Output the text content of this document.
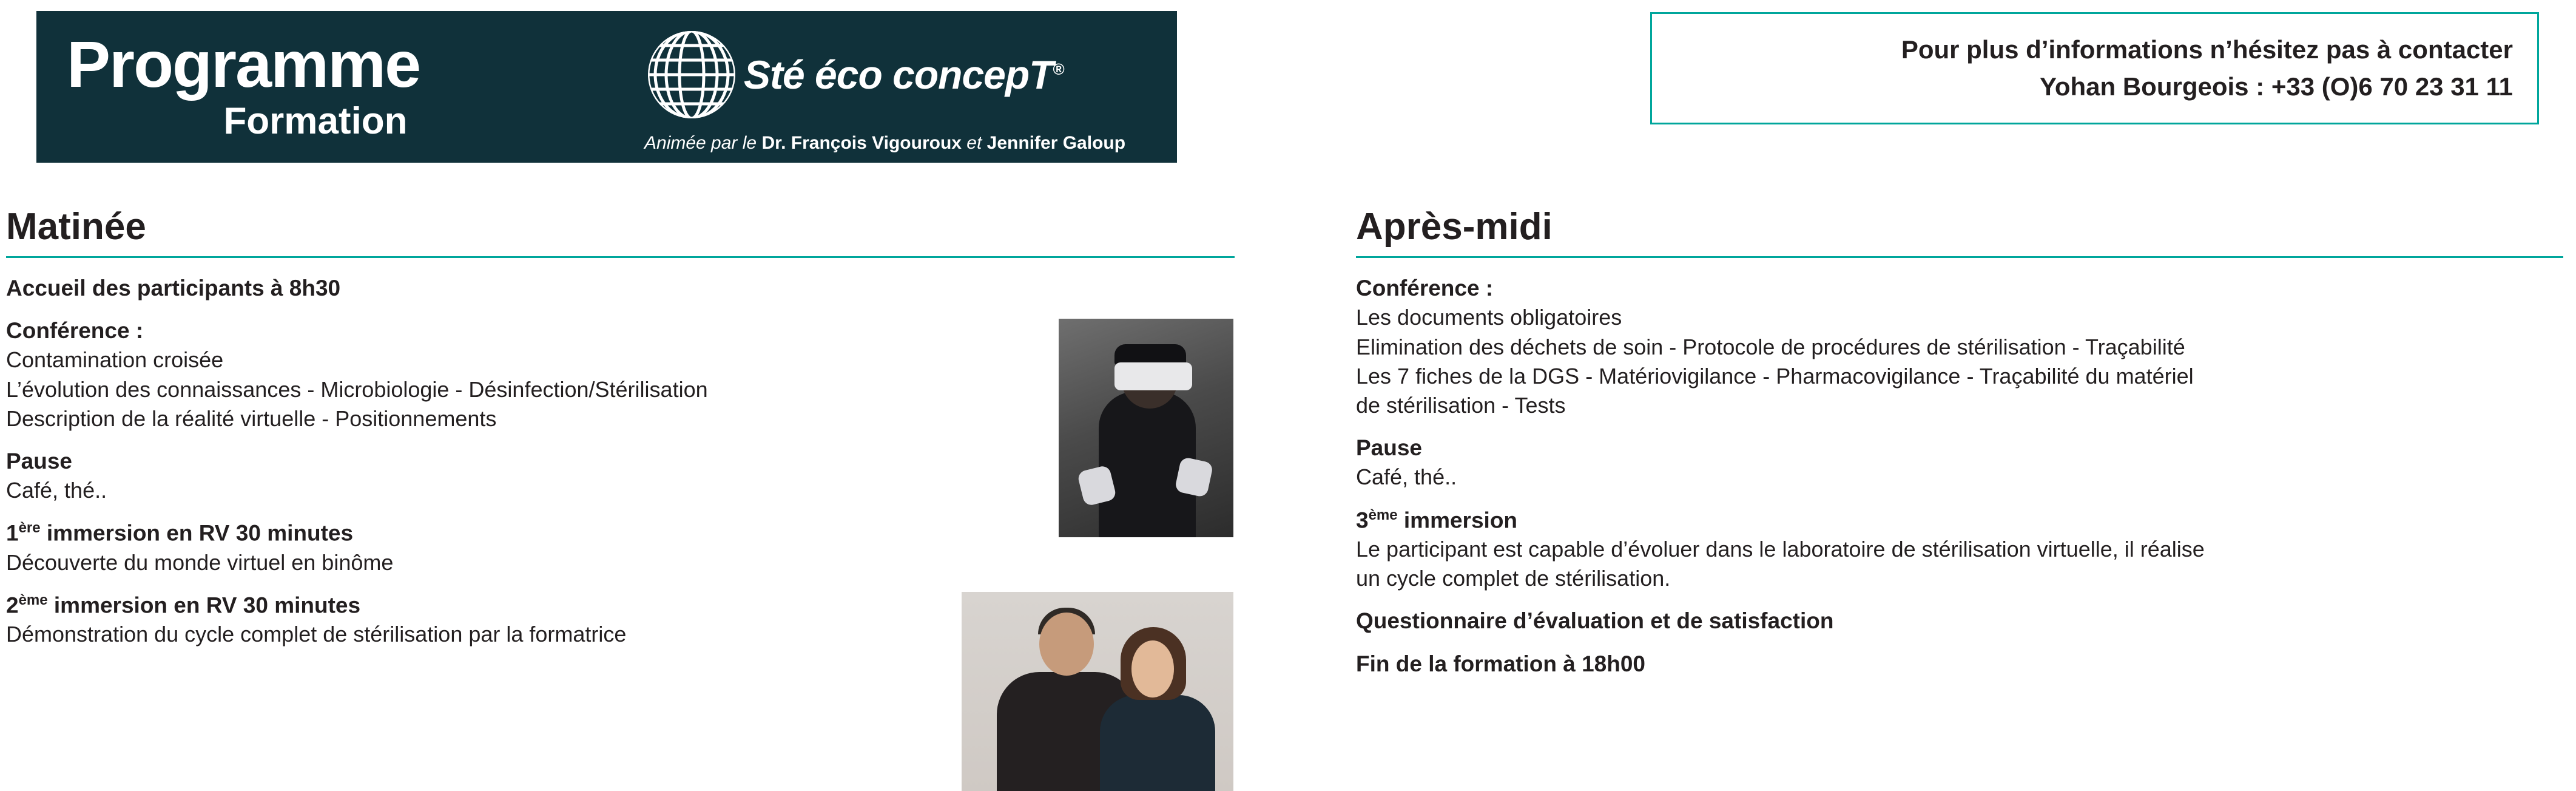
Programme
Formation
Sté éco concepT®
Animée par le Dr. François Vigouroux et Jennifer Galoup
Pour plus d’informations n’hésitez pas à contacter
Yohan Bourgeois : +33 (O)6 70 23 31 11
Matinée
Accueil des participants à 8h30
Conférence :
Contamination croisée
L’évolution des connaissances - Microbiologie - Désinfection/Stérilisation
Description de la réalité virtuelle - Positionnements
Pause
Café, thé..
1ère immersion en RV 30 minutes
Découverte du monde virtuel en binôme
2ème immersion en RV 30 minutes
Démonstration du cycle complet de stérilisation par la formatrice
Après-midi
Conférence :
Les documents obligatoires
Elimination des déchets de soin - Protocole de procédures de stérilisation - Traçabilité
Les 7 fiches de la DGS - Matériovigilance - Pharmacovigilance - Traçabilité du matériel
de stérilisation - Tests
Pause
Café, thé..
3ème immersion
Le participant est capable d’évoluer dans le laboratoire de stérilisation virtuelle, il réalise
un cycle complet de stérilisation.
Questionnaire d’évaluation et de satisfaction
Fin de la formation à 18h00
